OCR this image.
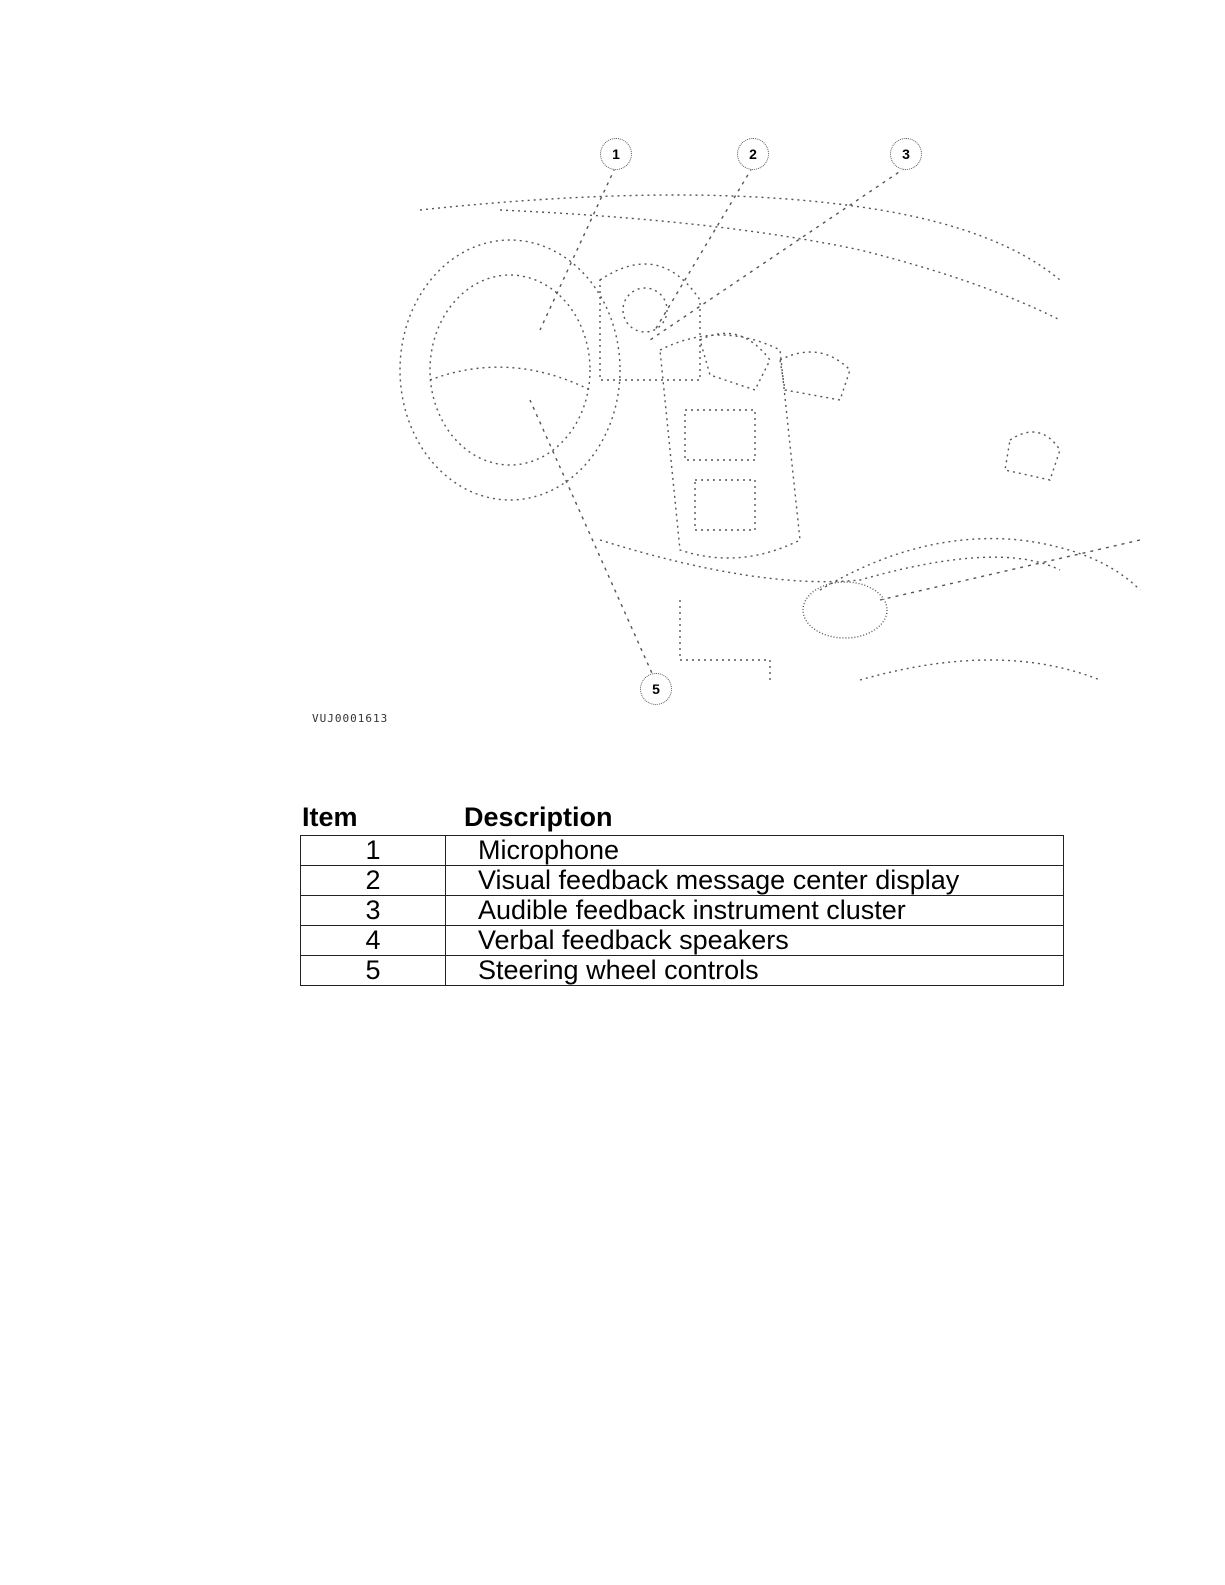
1	2	3
5
VUJ0001613
Item	Description
1	Microphone
2	Visual feedback message center display
3	Audible feedback instrument cluster
4	Verbal feedback speakers
5	Steering wheel controls
